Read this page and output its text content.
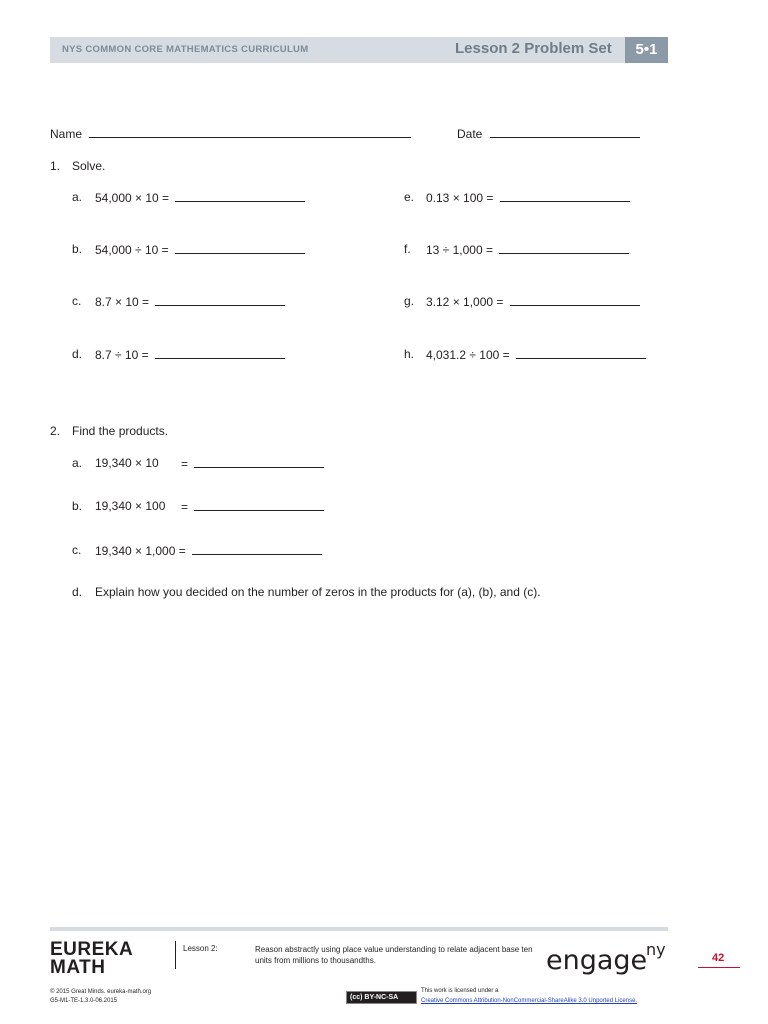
NYS COMMON CORE MATHEMATICS CURRICULUM	Lesson 2 Problem Set	5•1
Name	Date
1. Solve.
a. 54,000 × 10 =
b. 54,000 ÷ 10 =
c. 8.7 × 10 =
d. 8.7 ÷ 10 =
e. 0.13 × 100 =
f. 13 ÷ 1,000 =
g. 3.12 × 1,000 =
h. 4,031.2 ÷ 100 =
2. Find the products.
a. 19,340 × 10 =
b. 19,340 × 100 =
c. 19,340 × 1,000 =
d. Explain how you decided on the number of zeros in the products for (a), (b), and (c).
EUREKA
MATH
Lesson 2:	Reason abstractly using place value understanding to relate adjacent base ten units from millions to thousandths.	engage
ny	42
© 2015 Great Minds. eureka-math.org
G5-M1-TE-1.3.0-06.2015	(cc) BY-NC-SA
This work is licensed under a
Creative Commons Attribution-NonCommercial-ShareAlike 3.0 Unported License.
